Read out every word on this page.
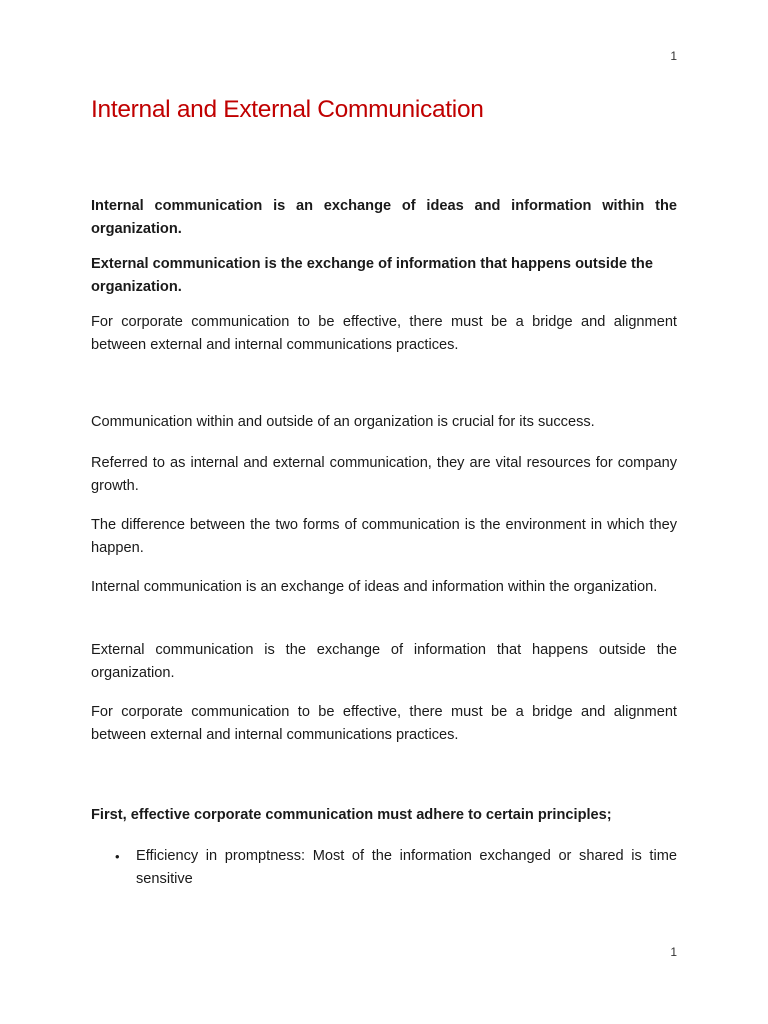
1
Internal and External Communication

Internal communication is an exchange of ideas and information within the organization.

External communication is the exchange of information that happens outside the organization.

For corporate communication to be effective, there must be a bridge and alignment between external and internal communications practices.

Communication within and outside of an organization is crucial for its success.

Referred to as internal and external communication, they are vital resources for company growth.

The difference between the two forms of communication is the environment in which they happen.

Internal communication is an exchange of ideas and information within the organization.

External communication is the exchange of information that happens outside the organization.

For corporate communication to be effective, there must be a bridge and alignment between external and internal communications practices.

First, effective corporate communication must adhere to certain principles;

• Efficiency in promptness: Most of the information exchanged or shared is time sensitive
1
